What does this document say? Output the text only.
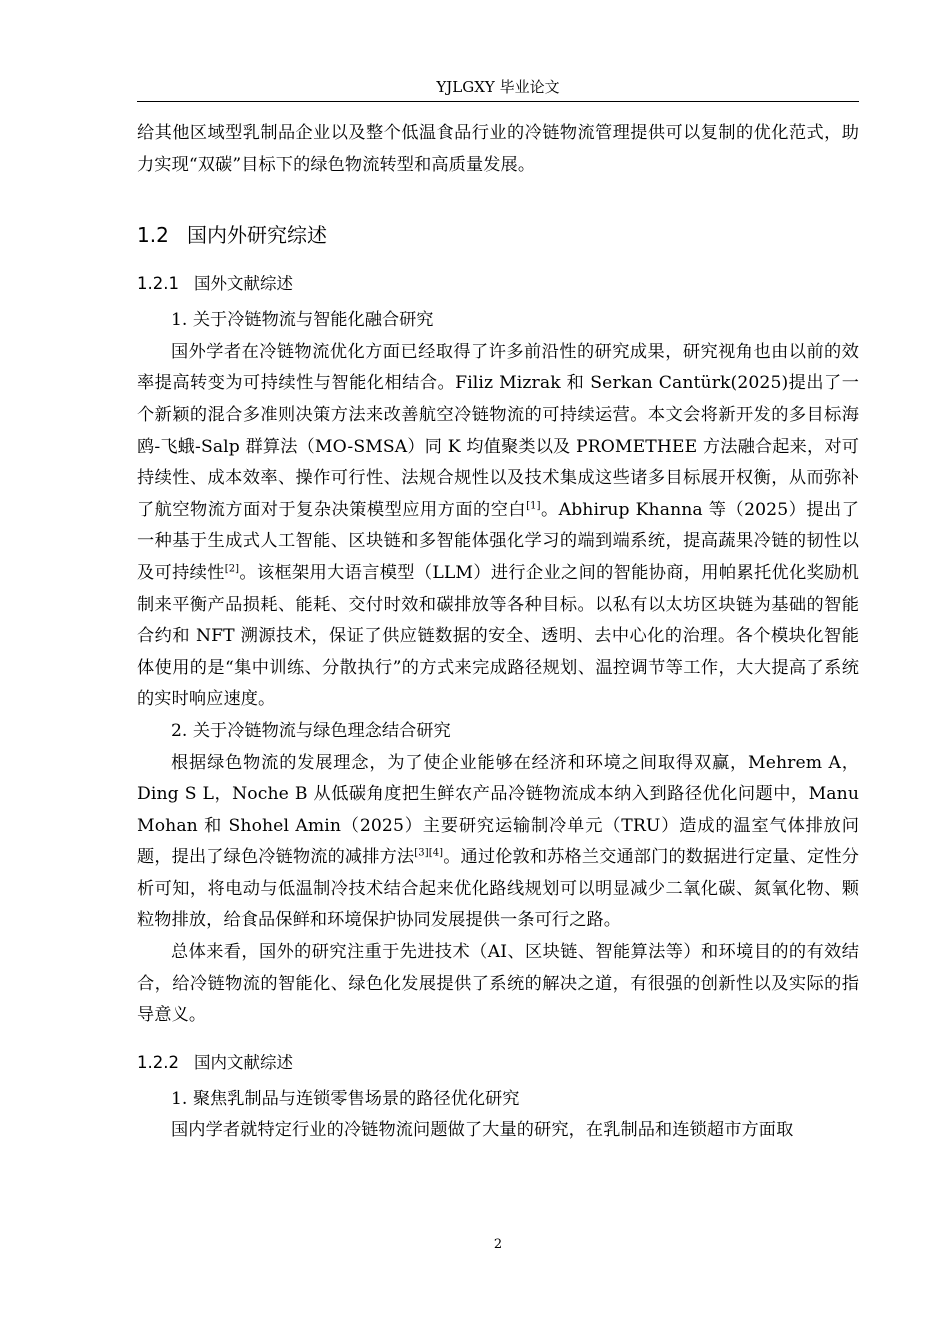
YJLGXY 毕业论文

给其他区域型乳制品企业以及整个低温食品行业的冷链物流管理提供可以复制的优化范式，助力实现“双碳”目标下的绿色物流转型和高质量发展。

1.2 国内外研究综述
1.2.1 国外文献综述

1. 关于冷链物流与智能化融合研究

国外学者在冷链物流优化方面已经取得了许多前沿性的研究成果，研究视角也由以前的效率提高转变为可持续性与智能化相结合。Filiz Mizrak 和 Serkan Cantürk(2025)提出了一个新颖的混合多准则决策方法来改善航空冷链物流的可持续运营。本文会将新开发的多目标海鸥-飞蛾-Salp 群算法（MO-SMSA）同 K 均值聚类以及 PROMETHEE 方法融合起来，对可持续性、成本效率、操作可行性、法规合规性以及技术集成这些诸多目标展开权衡，从而弥补了航空物流方面对于复杂决策模型应用方面的空白[1]。Abhirup Khanna 等（2025）提出了一种基于生成式人工智能、区块链和多智能体强化学习的端到端系统，提高蔬果冷链的韧性以及可持续性[2]。该框架用大语言模型（LLM）进行企业之间的智能协商，用帕累托优化奖励机制来平衡产品损耗、能耗、交付时效和碳排放等各种目标。以私有以太坊区块链为基础的智能合约和 NFT 溯源技术，保证了供应链数据的安全、透明、去中心化的治理。各个模块化智能体使用的是“集中训练、分散执行”的方式来完成路径规划、温控调节等工作，大大提高了系统的实时响应速度。

2. 关于冷链物流与绿色理念结合研究

根据绿色物流的发展理念，为了使企业能够在经济和环境之间取得双赢，Mehrem A，Ding S L，Noche B 从低碳角度把生鲜农产品冷链物流成本纳入到路径优化问题中，Manu Mohan 和 Shohel Amin（2025）主要研究运输制冷单元（TRU）造成的温室气体排放问题，提出了绿色冷链物流的减排方法[3][4]。通过伦敦和苏格兰交通部门的数据进行定量、定性分析可知，将电动与低温制冷技术结合起来优化路线规划可以明显减少二氧化碳、氮氧化物、颗粒物排放，给食品保鲜和环境保护协同发展提供一条可行之路。

总体来看，国外的研究注重于先进技术（AI、区块链、智能算法等）和环境目的的有效结合，给冷链物流的智能化、绿色化发展提供了系统的解决之道，有很强的创新性以及实际的指导意义。

1.2.2 国内文献综述

1. 聚焦乳制品与连锁零售场景的路径优化研究

国内学者就特定行业的冷链物流问题做了大量的研究，在乳制品和连锁超市方面取

2
